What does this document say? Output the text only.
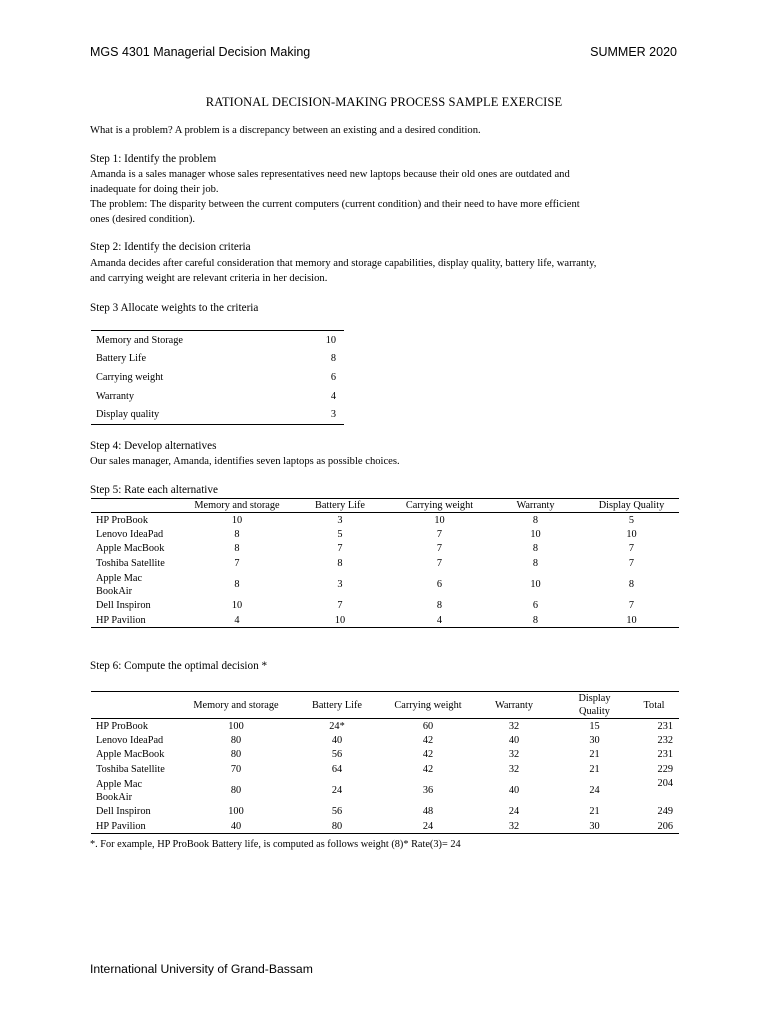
MGS 4301 Managerial Decision Making	SUMMER 2020
RATIONAL DECISION-MAKING PROCESS SAMPLE EXERCISE
What is a problem? A problem is a discrepancy between an existing and a desired condition.
Step 1: Identify the problem
Amanda is a sales manager whose sales representatives need new laptops because their old ones are outdated and
inadequate for doing their job.
The problem: The disparity between the current computers (current condition) and their need to have more efficient
ones (desired condition).
Step 2: Identify the decision criteria
Amanda decides after careful consideration that memory and storage capabilities, display quality, battery life, warranty,
and carrying weight are relevant criteria in her decision.
Step 3 Allocate weights to the criteria
Memory and Storage	10
Battery Life	8
Carrying weight	6
Warranty	4
Display quality	3
Step 4: Develop alternatives
Our sales manager, Amanda, identifies seven laptops as possible choices.
Step 5: Rate each alternative
	Memory and storage	Battery Life	Carrying weight	Warranty	Display Quality

HP ProBook	10	3	10	8	5

Lenovo IdeaPad	8	5	7	10	10

Apple MacBook	8	7	7	8	7

Toshiba Satellite	7	8	7	8	7

Apple Mac
BookAir	8	3	6	10	8

Dell Inspiron	10	7	8	6	7

HP Pavilion	4	10	4	8	10
Step 6: Compute the optimal decision *
	Memory and storage	Battery Life	Carrying weight	Warranty	Display Quality	Total

HP ProBook	100	24*	60	32	15	231

Lenovo IdeaPad	80	40	42	40	30	232

Apple MacBook	80	56	42	32	21	231

Toshiba Satellite	70	64	42	32	21	229

Apple Mac
BookAir	80	24	36	40	24	204

Dell Inspiron	100	56	48	24	21	249

HP Pavilion	40	80	24	32	30	206
*. For example, HP ProBook Battery life, is computed as follows weight (8)* Rate(3)= 24
International University of Grand-Bassam
